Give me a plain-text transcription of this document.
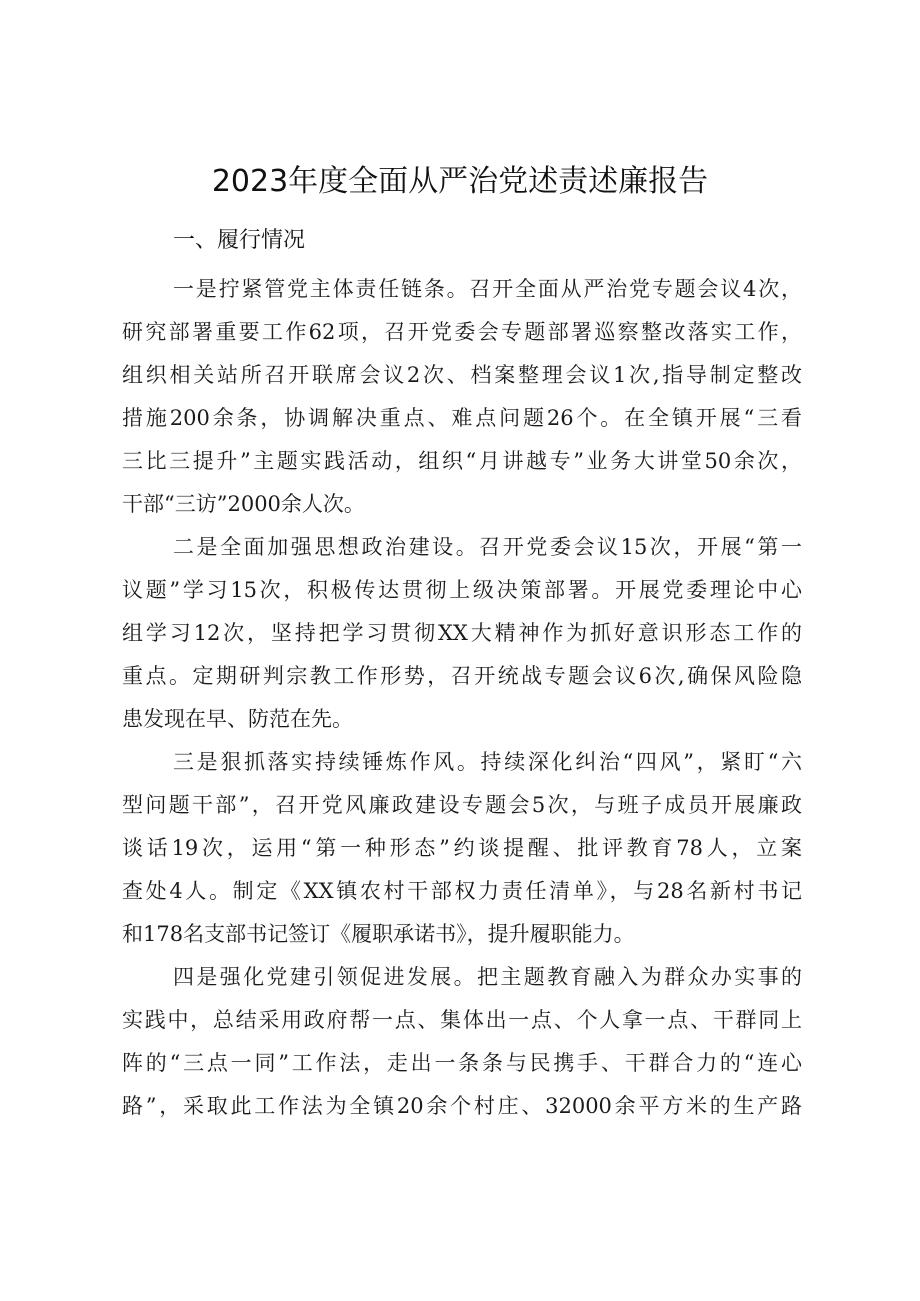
2023年度全面从严治党述责述廉报告
一、履行情况
一是拧紧管党主体责任链条。召开全面从严治党专题会议4次，
研究部署重要工作62项，召开党委会专题部署巡察整改落实工作，
组织相关站所召开联席会议2次、档案整理会议1次,指导制定整改
措施200余条，协调解决重点、难点问题26个。在全镇开展“三看
三比三提升”主题实践活动，组织“月讲越专”业务大讲堂50余次，
干部“三访”2000余人次。
二是全面加强思想政治建设。召开党委会议15次，开展“第一
议题”学习15次，积极传达贯彻上级决策部署。开展党委理论中心
组学习12次，坚持把学习贯彻XX大精神作为抓好意识形态工作的
重点。定期研判宗教工作形势，召开统战专题会议6次,确保风险隐
患发现在早、防范在先。
三是狠抓落实持续锤炼作风。持续深化纠治“四风”，紧盯“六
型问题干部”，召开党风廉政建设专题会5次，与班子成员开展廉政
谈话19次，运用“第一种形态”约谈提醒、批评教育78人，立案
查处4人。制定《XX镇农村干部权力责任清单》，与28名新村书记
和178名支部书记签订《履职承诺书》，提升履职能力。
四是强化党建引领促进发展。把主题教育融入为群众办实事的
实践中，总结采用政府帮一点、集体出一点、个人拿一点、干群同上
阵的“三点一同”工作法，走出一条条与民携手、干群合力的“连心
路”，采取此工作法为全镇20余个村庄、32000余平方米的生产路
